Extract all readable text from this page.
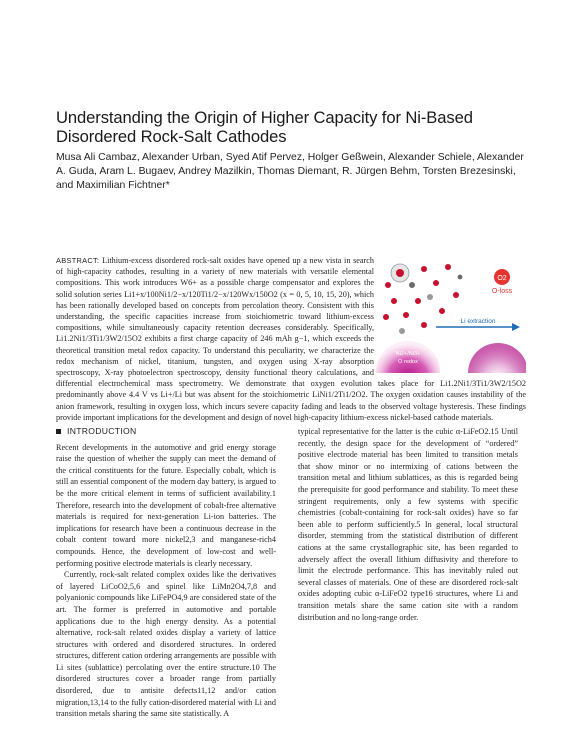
Understanding the Origin of Higher Capacity for Ni-Based Disordered Rock-Salt Cathodes
Musa Ali Cambaz, Alexander Urban, Syed Atif Pervez, Holger Geßwein, Alexander Schiele, Alexander A. Guda, Aram L. Bugaev, Andrey Mazilkin, Thomas Diemant, R. Jürgen Behm, Torsten Brezesinski, and Maximilian Fichtner*
O2
O-loss
Li extraction
Ni2+/Ni3+
O redox
ABSTRACT: Lithium-excess disordered rock-salt oxides have opened up a new vista in search of high-capacity cathodes, resulting in a variety of new materials with versatile elemental compositions. This work introduces W6+ as a possible charge compensator and explores the solid solution series Li1+x/100Ni1/2−x/120Ti1/2−x/120Wx/150O2 (x = 0, 5, 10, 15, 20), which has been rationally developed based on concepts from percolation theory. Consistent with this understanding, the specific capacities increase from stoichiometric toward lithium-excess compositions, while simultaneously capacity retention decreases considerably. Specifically, Li1.2Ni1/3Ti1/3W2/15O2 exhibits a first charge capacity of 246 mAh g−1, which exceeds the theoretical transition metal redox capacity. To understand this peculiarity, we characterize the redox mechanism of nickel, titanium, tungsten, and oxygen using X-ray absorption spectroscopy, X-ray photoelectron spectroscopy, density functional theory calculations, and differential electrochemical mass spectrometry. We demonstrate that oxygen evolution takes place for Li1.2Ni1/3Ti1/3W2/15O2 predominantly above 4.4 V vs Li+/Li but was absent for the stoichiometric LiNi1/2Ti1/2O2. The oxygen oxidation causes instability of the anion framework, resulting in oxygen loss, which incurs severe capacity fading and leads to the observed voltage hysteresis. These findings provide important implications for the development and design of novel high-capacity lithium-excess nickel-based cathode materials.
INTRODUCTION

Recent developments in the automotive and grid energy storage raise the question of whether the supply can meet the demand of the critical constituents for the future. Especially cobalt, which is still an essential component of the modern day battery, is argued to be the more critical element in terms of sufficient availability.1 Therefore, research into the development of cobalt-free alternative materials is required for next-generation Li-ion batteries. The implications for research have been a continuous decrease in the cobalt content toward more nickel2,3 and manganese-rich4 compounds. Hence, the development of low-cost and well-performing positive electrode materials is clearly necessary.

Currently, rock-salt related complex oxides like the derivatives of layered LiCoO2,5,6 and spinel like LiMn2O4,7,8 and polyanionic compounds like LiFePO4,9 are considered state of the art. The former is preferred in automotive and portable applications due to the high energy density. As a potential alternative, rock-salt related oxides display a variety of lattice structures with ordered and disordered structures. In ordered structures, different cation ordering arrangements are possible with Li sites (sublattice) percolating over the entire structure.10 The disordered structures cover a broader range from partially disordered, due to antisite defects11,12 and/or cation migration,13,14 to the fully cation-disordered material with Li and transition metals sharing the same site statistically. A

typical representative for the latter is the cubic α-LiFeO2.15 Until recently, the design space for the development of “ordered” positive electrode material has been limited to transition metals that show minor or no intermixing of cations between the transition metal and lithium sublattices, as this is regarded being the prerequisite for good performance and stability. To meet these stringent requirements, only a few systems with specific chemistries (cobalt-containing for rock-salt oxides) have so far been able to perform sufficiently.5 In general, local structural disorder, stemming from the statistical distribution of different cations at the same crystallographic site, has been regarded to adversely affect the overall lithium diffusivity and therefore to limit the electrode performance. This has inevitably ruled out several classes of materials. One of these are disordered rock-salt oxides adopting cubic α-LiFeO2 type16 structures, where Li and transition metals share the same cation site with a random distribution and no long-range order.
